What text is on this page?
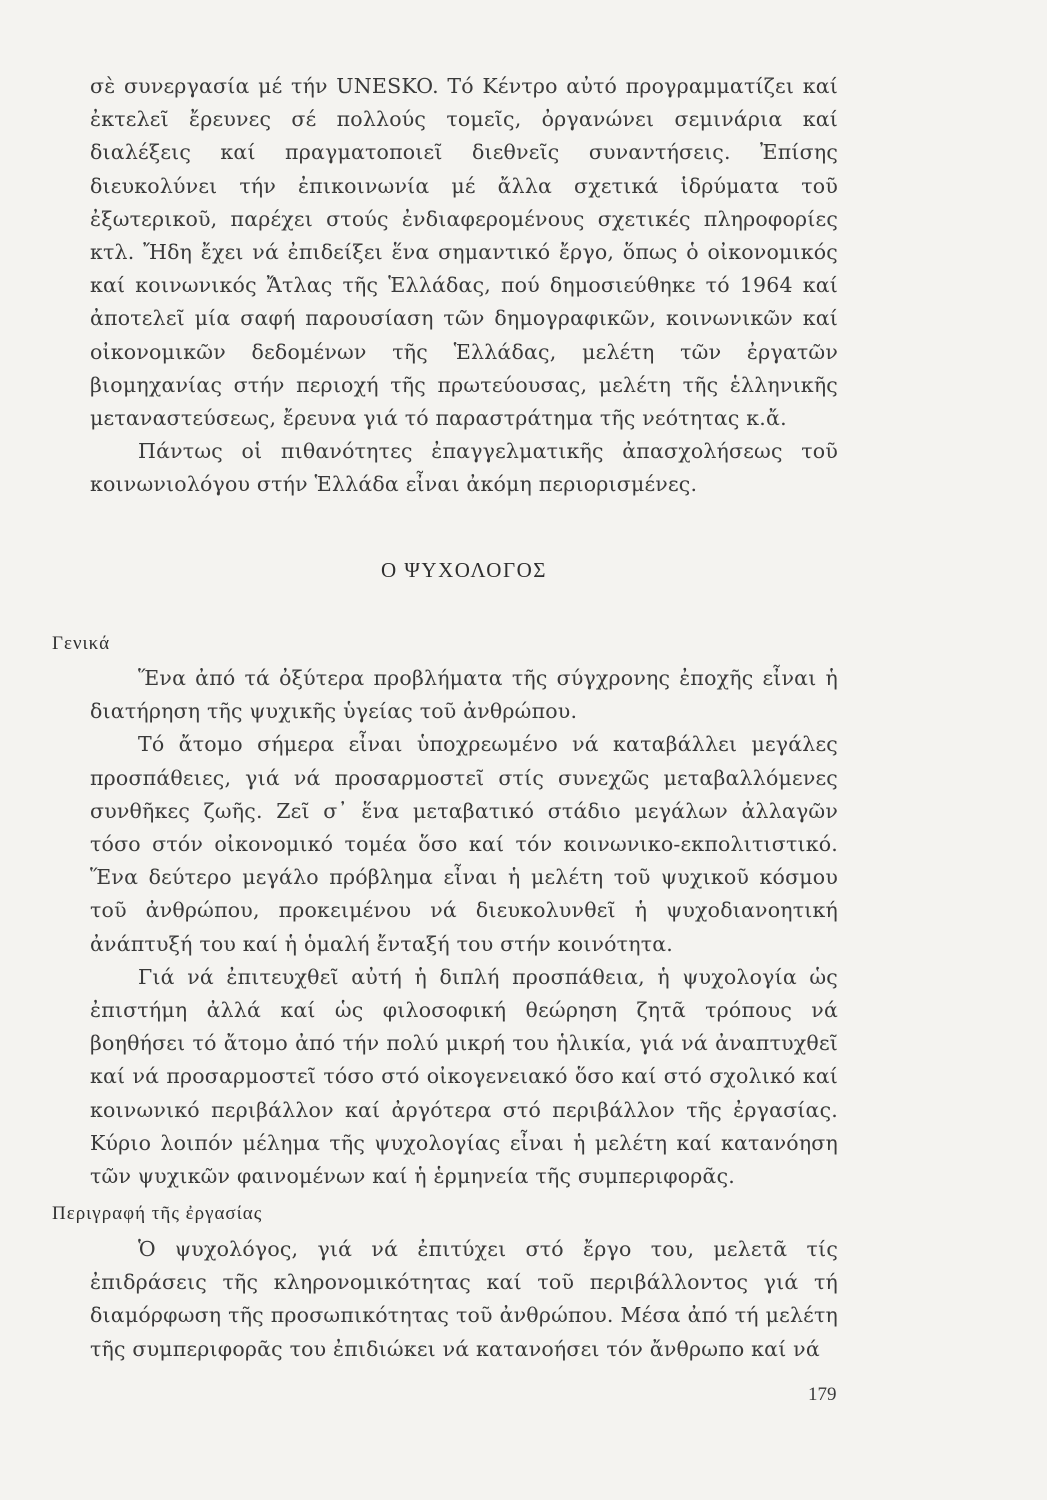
σὲ συνεργασία μέ τήν UNESKO. Τό Κέντρο αὐτό προγραμματίζει καί ἐκτελεῖ ἔρευνες σέ πολλούς τομεῖς, ὀργανώνει σεμινάρια καί διαλέξεις καί πραγματοποιεῖ διεθνεῖς συναντήσεις. Ἐπίσης διευκολύνει τήν ἐπικοινωνία μέ ἄλλα σχετικά ἱδρύματα τοῦ ἐξωτερικοῦ, παρέχει στούς ἐνδιαφερομένους σχετικές πληροφορίες κτλ. Ἤδη ἔχει νά ἐπιδείξει ἕνα σημαντικό ἔργο, ὅπως ὁ οἰκονομικός καί κοινωνικός Ἄτλας τῆς Ἑλλάδας, πού δημοσιεύθηκε τό 1964 καί ἀποτελεῖ μία σαφή παρουσίαση τῶν δημογραφικῶν, κοινωνικῶν καί οἰκονομικῶν δεδομένων τῆς Ἑλλάδας, μελέτη τῶν ἐργατῶν βιομηχανίας στήν περιοχή τῆς πρωτεύουσας, μελέτη τῆς ἑλληνικῆς μεταναστεύσεως, ἔρευνα γιά τό παραστράτημα τῆς νεότητας κ.ἄ.

Πάντως οἱ πιθανότητες ἐπαγγελματικῆς ἀπασχολήσεως τοῦ κοινωνιολόγου στήν Ἑλλάδα εἶναι ἀκόμη περιορισμένες.

Ο ΨΥΧΟΛΟΓΟΣ
Γενικά

Ἕνα ἀπό τά ὀξύτερα προβλήματα τῆς σύγχρονης ἐποχῆς εἶναι ἡ διατήρηση τῆς ψυχικῆς ὑγείας τοῦ ἀνθρώπου.

Τό ἄτομο σήμερα εἶναι ὑποχρεωμένο νά καταβάλλει μεγάλες προσπάθειες, γιά νά προσαρμοστεῖ στίς συνεχῶς μεταβαλλόμενες συνθῆκες ζωῆς. Ζεῖ σ᾽ ἕνα μεταβατικό στάδιο μεγάλων ἀλλαγῶν τόσο στόν οἰκονομικό τομέα ὅσο καί τόν κοινωνικο-εκπολιτιστικό. Ἕνα δεύτερο μεγάλο πρόβλημα εἶναι ἡ μελέτη τοῦ ψυχικοῦ κόσμου τοῦ ἀνθρώπου, προκειμένου νά διευκολυνθεῖ ἡ ψυχοδιανοητική ἀνάπτυξή του καί ἡ ὁμαλή ἔνταξή του στήν κοινότητα.

Γιά νά ἐπιτευχθεῖ αὐτή ἡ διπλή προσπάθεια, ἡ ψυχολογία ὡς ἐπιστήμη ἀλλά καί ὡς φιλοσοφική θεώρηση ζητᾶ τρόπους νά βοηθήσει τό ἄτομο ἀπό τήν πολύ μικρή του ἡλικία, γιά νά ἀναπτυχθεῖ καί νά προσαρμοστεῖ τόσο στό οἰκογενειακό ὅσο καί στό σχολικό καί κοινωνικό περιβάλλον καί ἀργότερα στό περιβάλλον τῆς ἐργασίας. Κύριο λοιπόν μέλημα τῆς ψυχολογίας εἶναι ἡ μελέτη καί κατανόηση τῶν ψυχικῶν φαινομένων καί ἡ ἑρμηνεία τῆς συμπεριφορᾶς.

Περιγραφή τῆς ἐργασίας

Ὁ ψυχολόγος, γιά νά ἐπιτύχει στό ἔργο του, μελετᾶ τίς ἐπιδράσεις τῆς κληρονομικότητας καί τοῦ περιβάλλοντος γιά τή διαμόρφωση τῆς προσωπικότητας τοῦ ἀνθρώπου. Μέσα ἀπό τή μελέτη τῆς συμπεριφορᾶς του ἐπιδιώκει νά κατανοήσει τόν ἄνθρωπο καί νά

179
